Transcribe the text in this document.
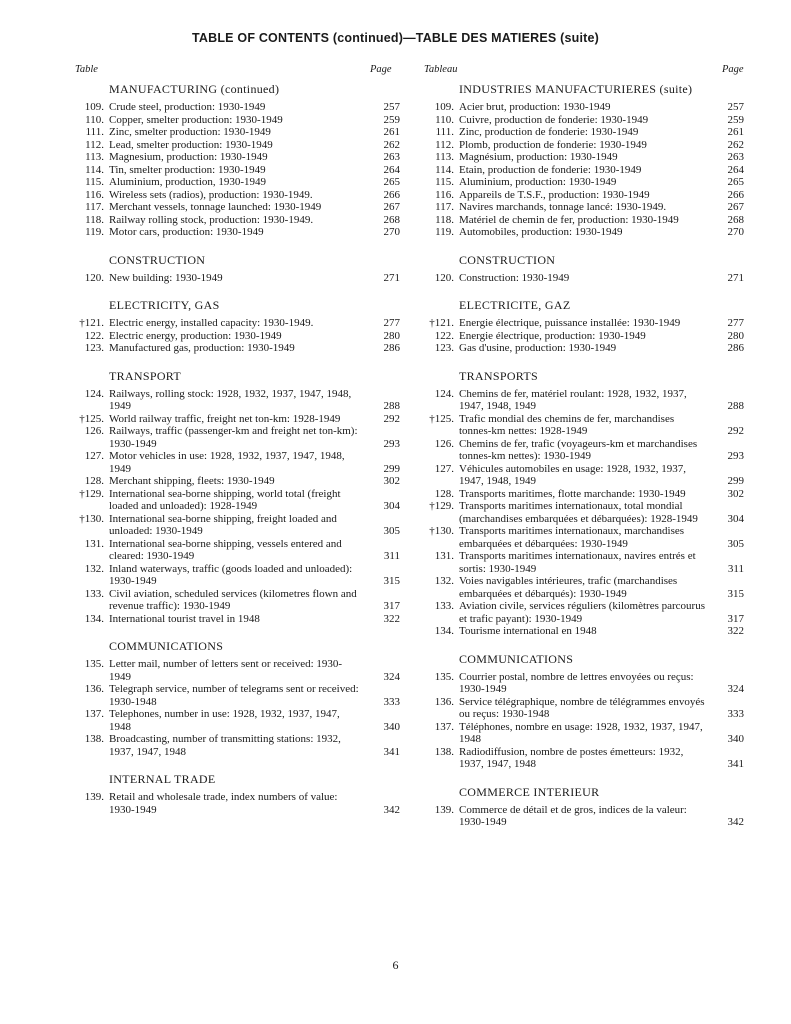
TABLE OF CONTENTS (continued)—TABLE DES MATIERES (suite)
Table	Page	Tableau	Page
MANUFACTURING (continued)
109. Crude steel, production: 1930-1949	257
110. Copper, smelter production: 1930-1949	259
111. Zinc, smelter production: 1930-1949	261
112. Lead, smelter production: 1930-1949	262
113. Magnesium, production: 1930-1949	263
114. Tin, smelter production: 1930-1949	264
115. Aluminium, production, 1930-1949	265
116. Wireless sets (radios), production: 1930-1949.	266
117. Merchant vessels, tonnage launched: 1930-1949	267
118. Railway rolling stock, production: 1930-1949.	268
119. Motor cars, production: 1930-1949	270
CONSTRUCTION
120. New building: 1930-1949	271
ELECTRICITY, GAS
†121. Electric energy, installed capacity: 1930-1949.	277
122. Electric energy, production: 1930-1949	280
123. Manufactured gas, production: 1930-1949	286
TRANSPORT
124. Railways, rolling stock: 1928, 1932, 1937, 1947, 1948, 1949	288
†125. World railway traffic, freight net ton-km: 1928-1949	292
126. Railways, traffic (passenger-km and freight net ton-km): 1930-1949	293
127. Motor vehicles in use: 1928, 1932, 1937, 1947, 1948, 1949	299
128. Merchant shipping, fleets: 1930-1949	302
†129. International sea-borne shipping, world total (freight loaded and unloaded): 1928-1949	304
†130. International sea-borne shipping, freight loaded and unloaded: 1930-1949	305
131. International sea-borne shipping, vessels entered and cleared: 1930-1949	311
132. Inland waterways, traffic (goods loaded and unloaded): 1930-1949	315
133. Civil aviation, scheduled services (kilometres flown and revenue traffic): 1930-1949	317
134. International tourist travel in 1948	322
COMMUNICATIONS
135. Letter mail, number of letters sent or received: 1930-1949	324
136. Telegraph service, number of telegrams sent or received: 1930-1948	333
137. Telephones, number in use: 1928, 1932, 1937, 1947, 1948	340
138. Broadcasting, number of transmitting stations: 1932, 1937, 1947, 1948	341
INTERNAL TRADE
139. Retail and wholesale trade, index numbers of value: 1930-1949	342
INDUSTRIES MANUFACTURIERES (suite)
109. Acier brut, production: 1930-1949	257
110. Cuivre, production de fonderie: 1930-1949	259
111. Zinc, production de fonderie: 1930-1949	261
112. Plomb, production de fonderie: 1930-1949	262
113. Magnésium, production: 1930-1949	263
114. Etain, production de fonderie: 1930-1949	264
115. Aluminium, production: 1930-1949	265
116. Appareils de T.S.F., production: 1930-1949	266
117. Navires marchands, tonnage lancé: 1930-1949.	267
118. Matériel de chemin de fer, production: 1930-1949	268
119. Automobiles, production: 1930-1949	270
CONSTRUCTION
120. Construction: 1930-1949	271
ELECTRICITE, GAZ
†121. Energie électrique, puissance installée: 1930-1949	277
122. Energie électrique, production: 1930-1949	280
123. Gas d'usine, production: 1930-1949	286
TRANSPORTS
124. Chemins de fer, matériel roulant: 1928, 1932, 1937, 1947, 1948, 1949	288
†125. Trafic mondial des chemins de fer, marchandises tonnes-km nettes: 1928-1949	292
126. Chemins de fer, trafic (voyageurs-km et marchandises tonnes-km nettes): 1930-1949	293
127. Véhicules automobiles en usage: 1928, 1932, 1937, 1947, 1948, 1949	299
128. Transports maritimes, flotte marchande: 1930-1949	302
†129. Transports maritimes internationaux, total mondial (marchandises embarquées et débarquées): 1928-1949	304
†130. Transports maritimes internationaux, marchandises embarquées et débarquées: 1930-1949	305
131. Transports maritimes internationaux, navires entrés et sortis: 1930-1949	311
132. Voies navigables intérieures, trafic (marchandises embarquées et débarqués): 1930-1949	315
133. Aviation civile, services réguliers (kilomètres parcourus et trafic payant): 1930-1949	317
134. Tourisme international en 1948	322
COMMUNICATIONS
135. Courrier postal, nombre de lettres envoyées ou reçus: 1930-1949	324
136. Service télégraphique, nombre de télégrammes envoyés ou reçus: 1930-1948	333
137. Téléphones, nombre en usage: 1928, 1932, 1937, 1947, 1948	340
138. Radiodiffusion, nombre de postes émetteurs: 1932, 1937, 1947, 1948	341
COMMERCE INTERIEUR
139. Commerce de détail et de gros, indices de la valeur: 1930-1949	342
6
